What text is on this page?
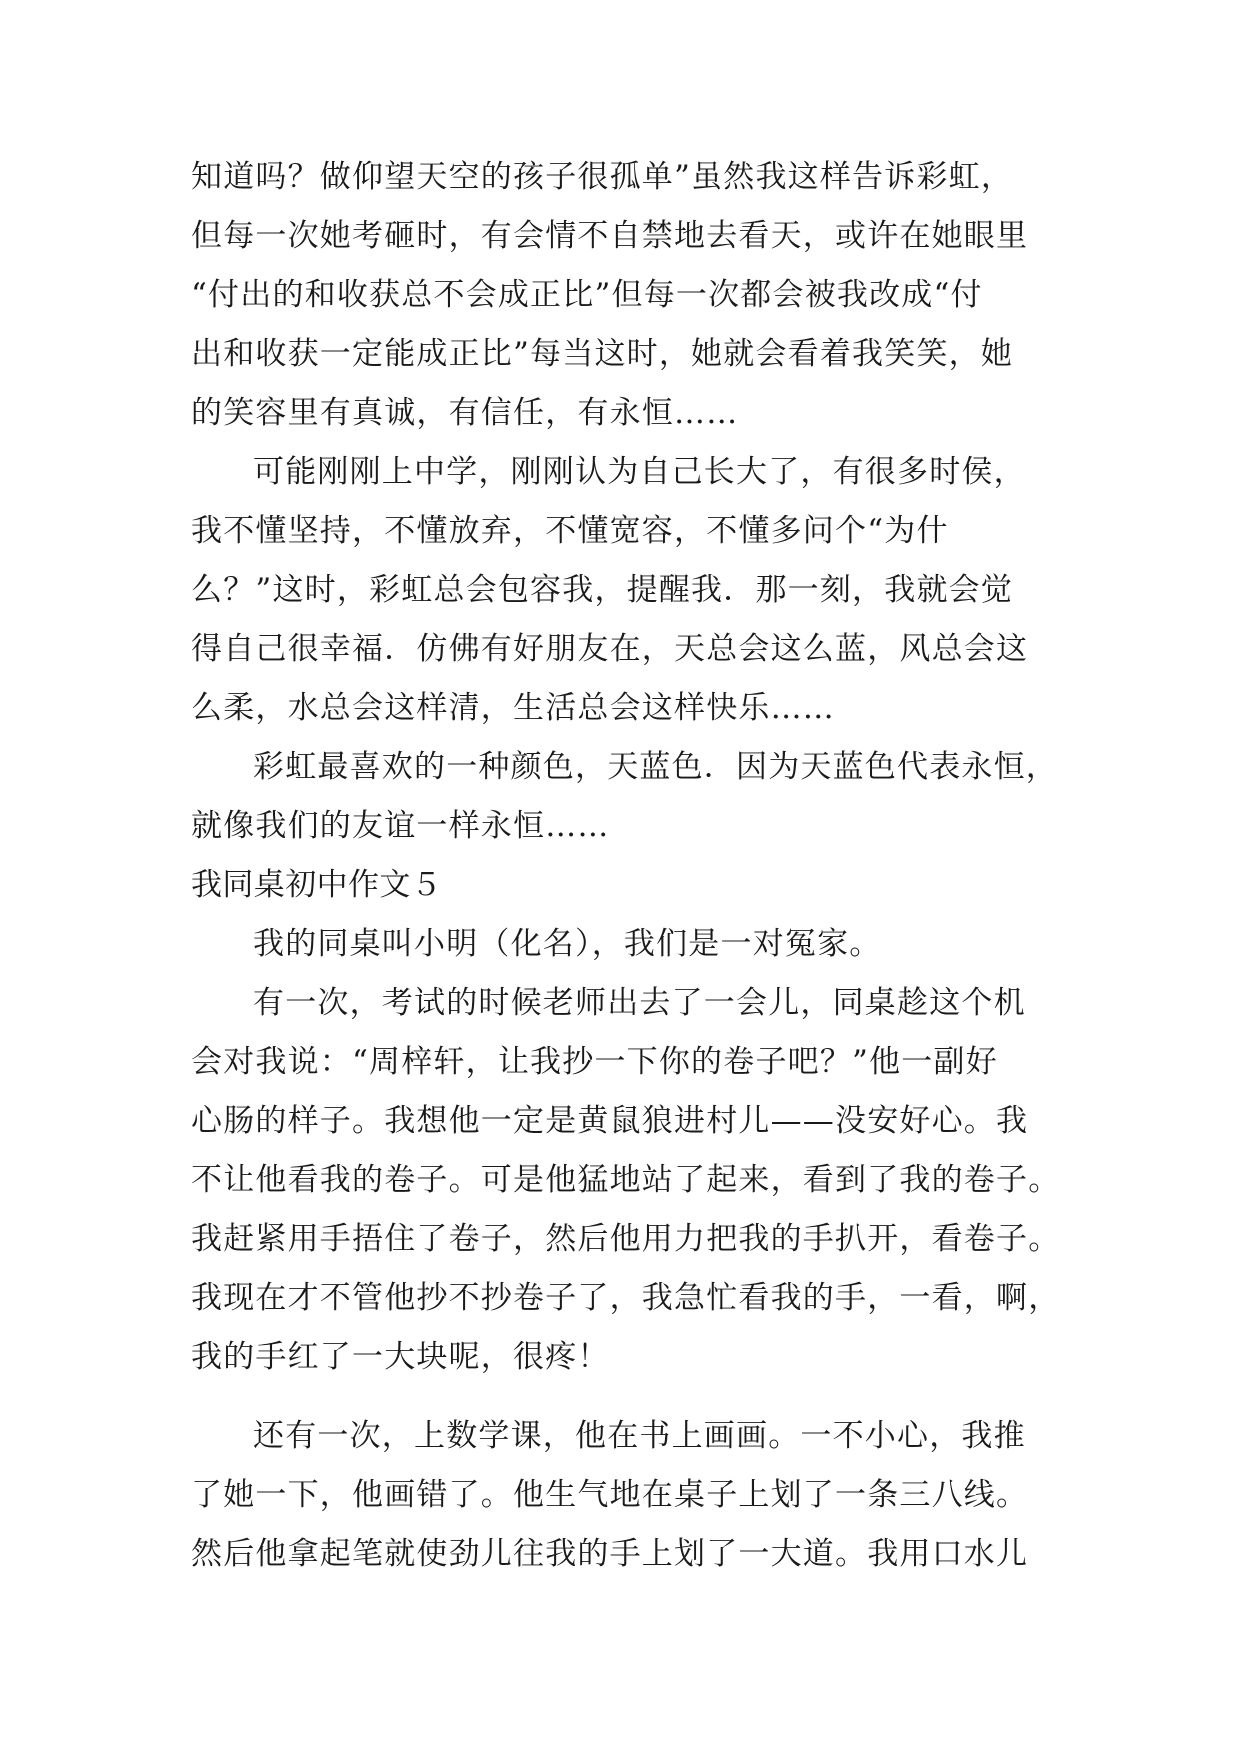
知道吗？做仰望天空的孩子很孤单”虽然我这样告诉彩虹，
但每一次她考砸时，有会情不自禁地去看天，或许在她眼里
“付出的和收获总不会成正比”但每一次都会被我改成“付
出和收获一定能成正比”每当这时，她就会看着我笑笑，她
的笑容里有真诚，有信任，有永恒……
可能刚刚上中学，刚刚认为自己长大了，有很多时侯，
我不懂坚持，不懂放弃，不懂宽容，不懂多问个“为什
么？”这时，彩虹总会包容我，提醒我．那一刻，我就会觉
得自己很幸福．仿佛有好朋友在，天总会这么蓝，风总会这
么柔，水总会这样清，生活总会这样快乐……
彩虹最喜欢的一种颜色，天蓝色．因为天蓝色代表永恒，
就像我们的友谊一样永恒……
我同桌初中作文５
我的同桌叫小明（化名），我们是一对冤家。
有一次，考试的时候老师出去了一会儿，同桌趁这个机
会对我说：“周梓轩，让我抄一下你的卷子吧？”他一副好
心肠的样子。我想他一定是黄鼠狼进村儿——没安好心。我
不让他看我的卷子。可是他猛地站了起来，看到了我的卷子。
我赶紧用手捂住了卷子，然后他用力把我的手扒开，看卷子。
我现在才不管他抄不抄卷子了，我急忙看我的手，一看，啊，
我的手红了一大块呢，很疼！
还有一次，上数学课，他在书上画画。一不小心，我推
了她一下，他画错了。他生气地在桌子上划了一条三八线。
然后他拿起笔就使劲儿往我的手上划了一大道。我用口水儿
